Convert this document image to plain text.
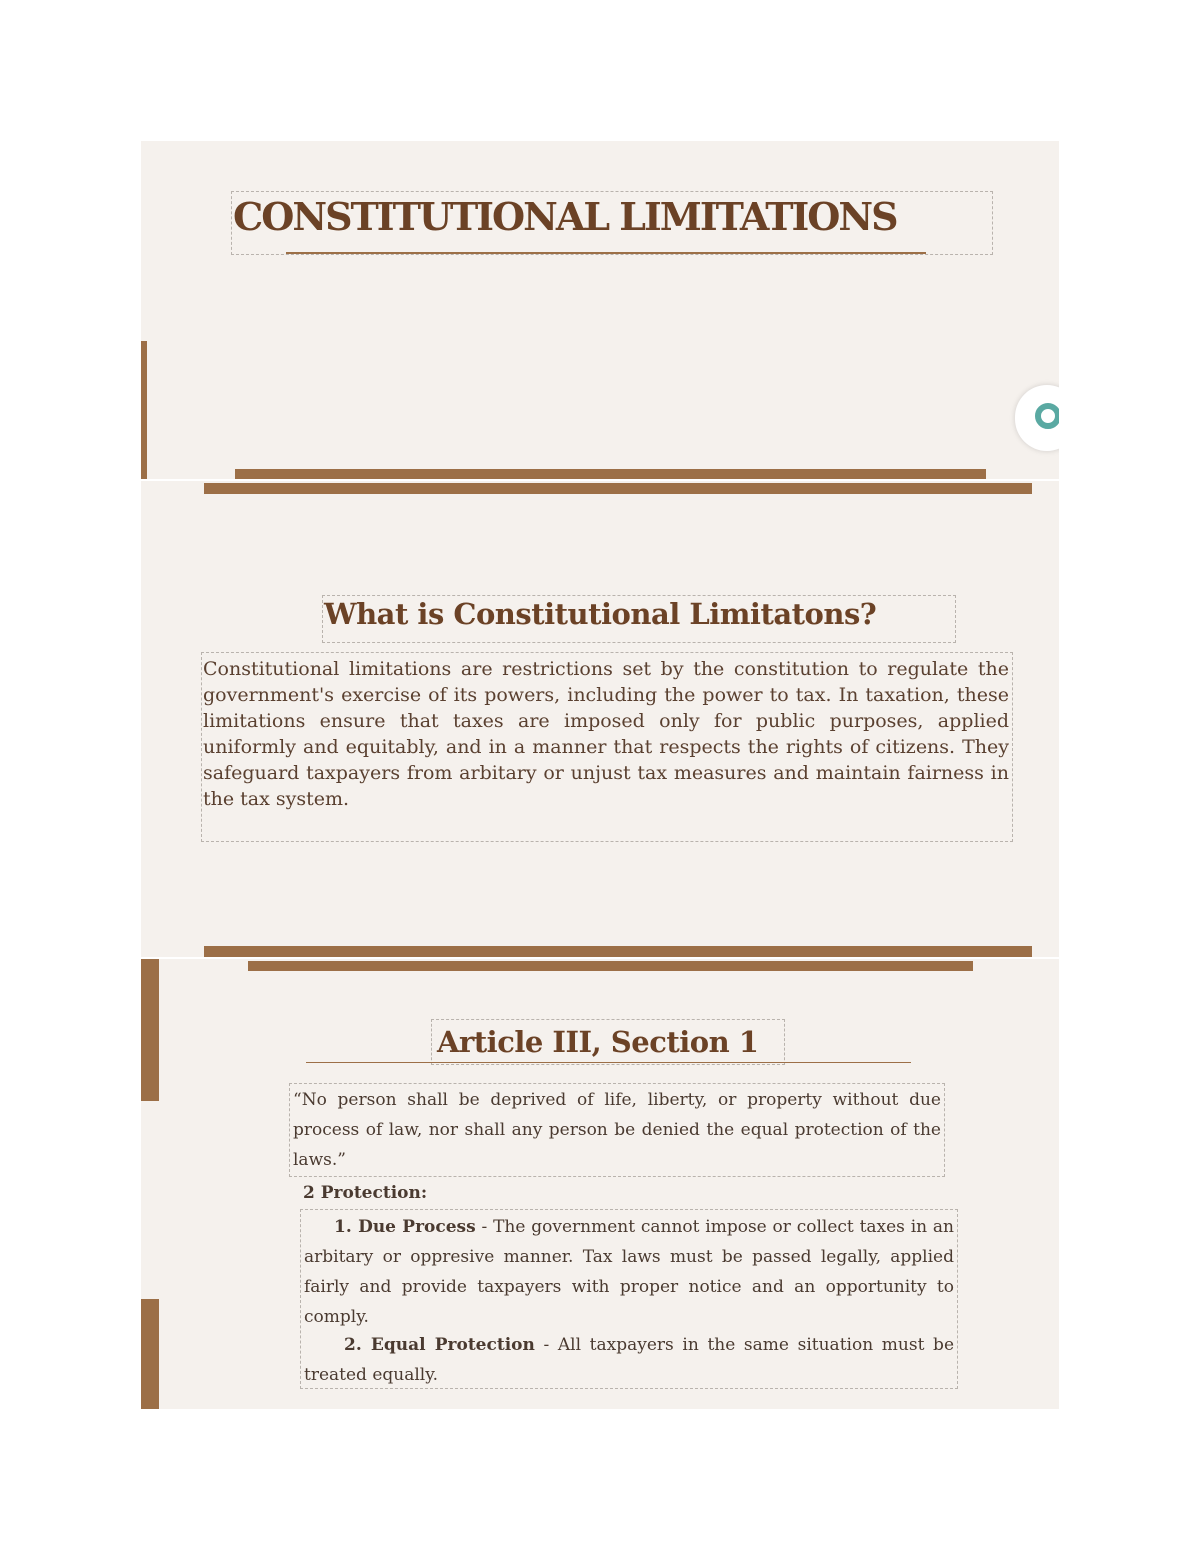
CONSTITUTIONAL LIMITATIONS
What is Constitutional Limitatons?

Constitutional limitations are restrictions set by the constitution to regulate the government's exercise of its powers, including the power to tax. In taxation, these limitations ensure that taxes are imposed only for public purposes, applied uniformly and equitably, and in a manner that respects the rights of citizens. They safeguard taxpayers from arbitary or unjust tax measures and maintain fairness in the tax system.

Article III, Section 1

“No person shall be deprived of life, liberty, or property without due process of law, nor shall any person be denied the equal protection of the laws.”

2 Protection:

1. Due Process - The government cannot impose or collect taxes in an arbitary or oppresive manner. Tax laws must be passed legally, applied fairly and provide taxpayers with proper notice and an opportunity to comply.

2. Equal Protection - All taxpayers in the same situation must be treated equally.
